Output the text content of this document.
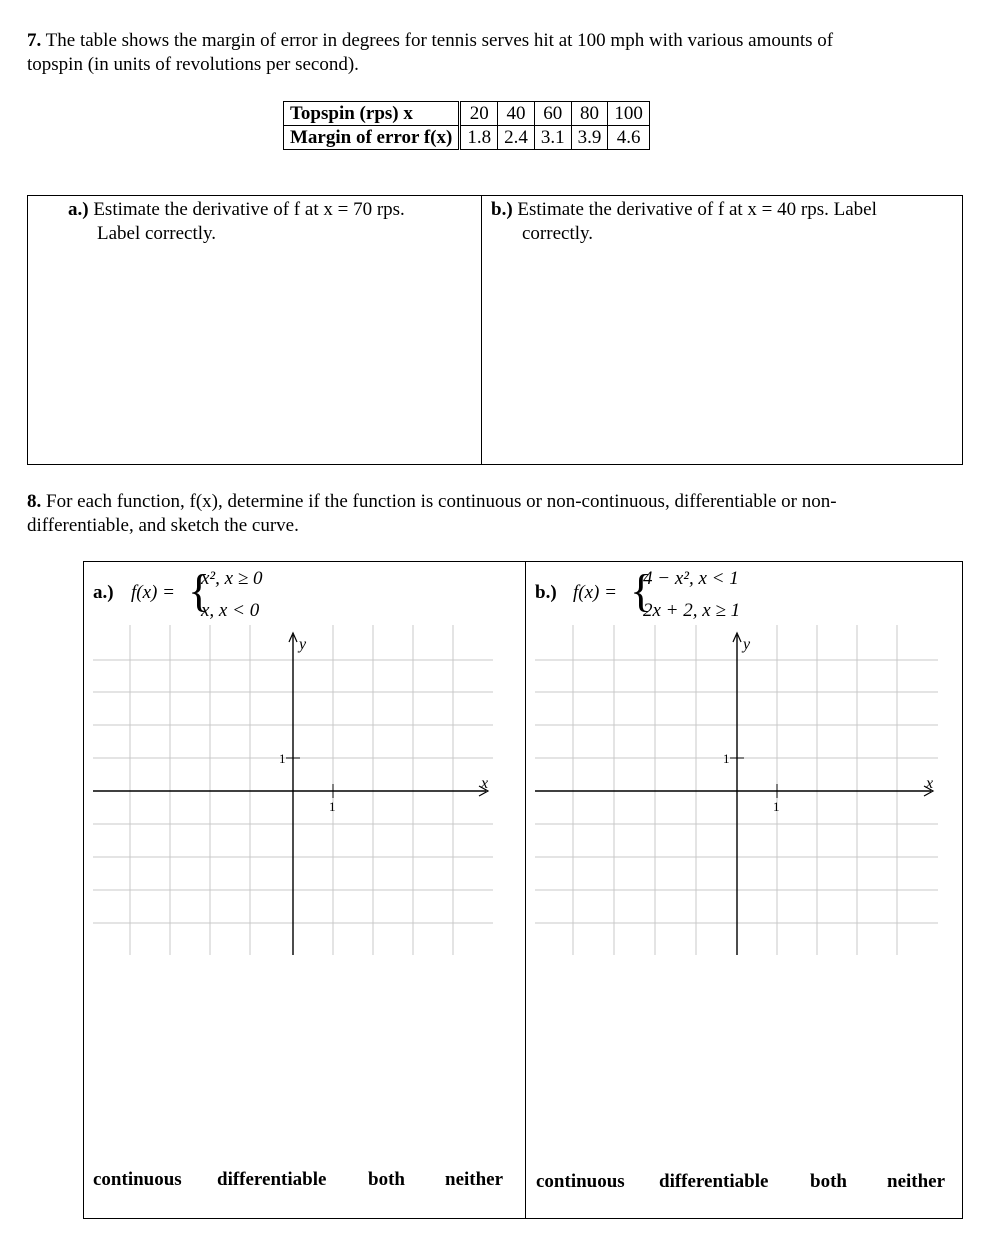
7. The table shows the margin of error in degrees for tennis serves hit at 100 mph with various amounts of
topspin (in units of revolutions per second).
Topspin (rps) x	20	40	60	80	100
Margin of error f(x)	1.8	2.4	3.1	3.9	4.6
a.) Estimate the derivative of f at x = 70 rps.
Label correctly.
b.) Estimate the derivative of f at x = 40 rps. Label
correctly.
8. For each function, f(x), determine if the function is continuous or non-continuous, differentiable or non-
differentiable, and sketch the curve.
a.) f(x) = {
x², x ≥ 0
x, x < 0
b.) f(x) = {
4 − x², x < 1
2x + 2, x ≥ 1
y
x
1
1
y
x
1
1
continuous differentiable both neither continuous differentiable both neither
